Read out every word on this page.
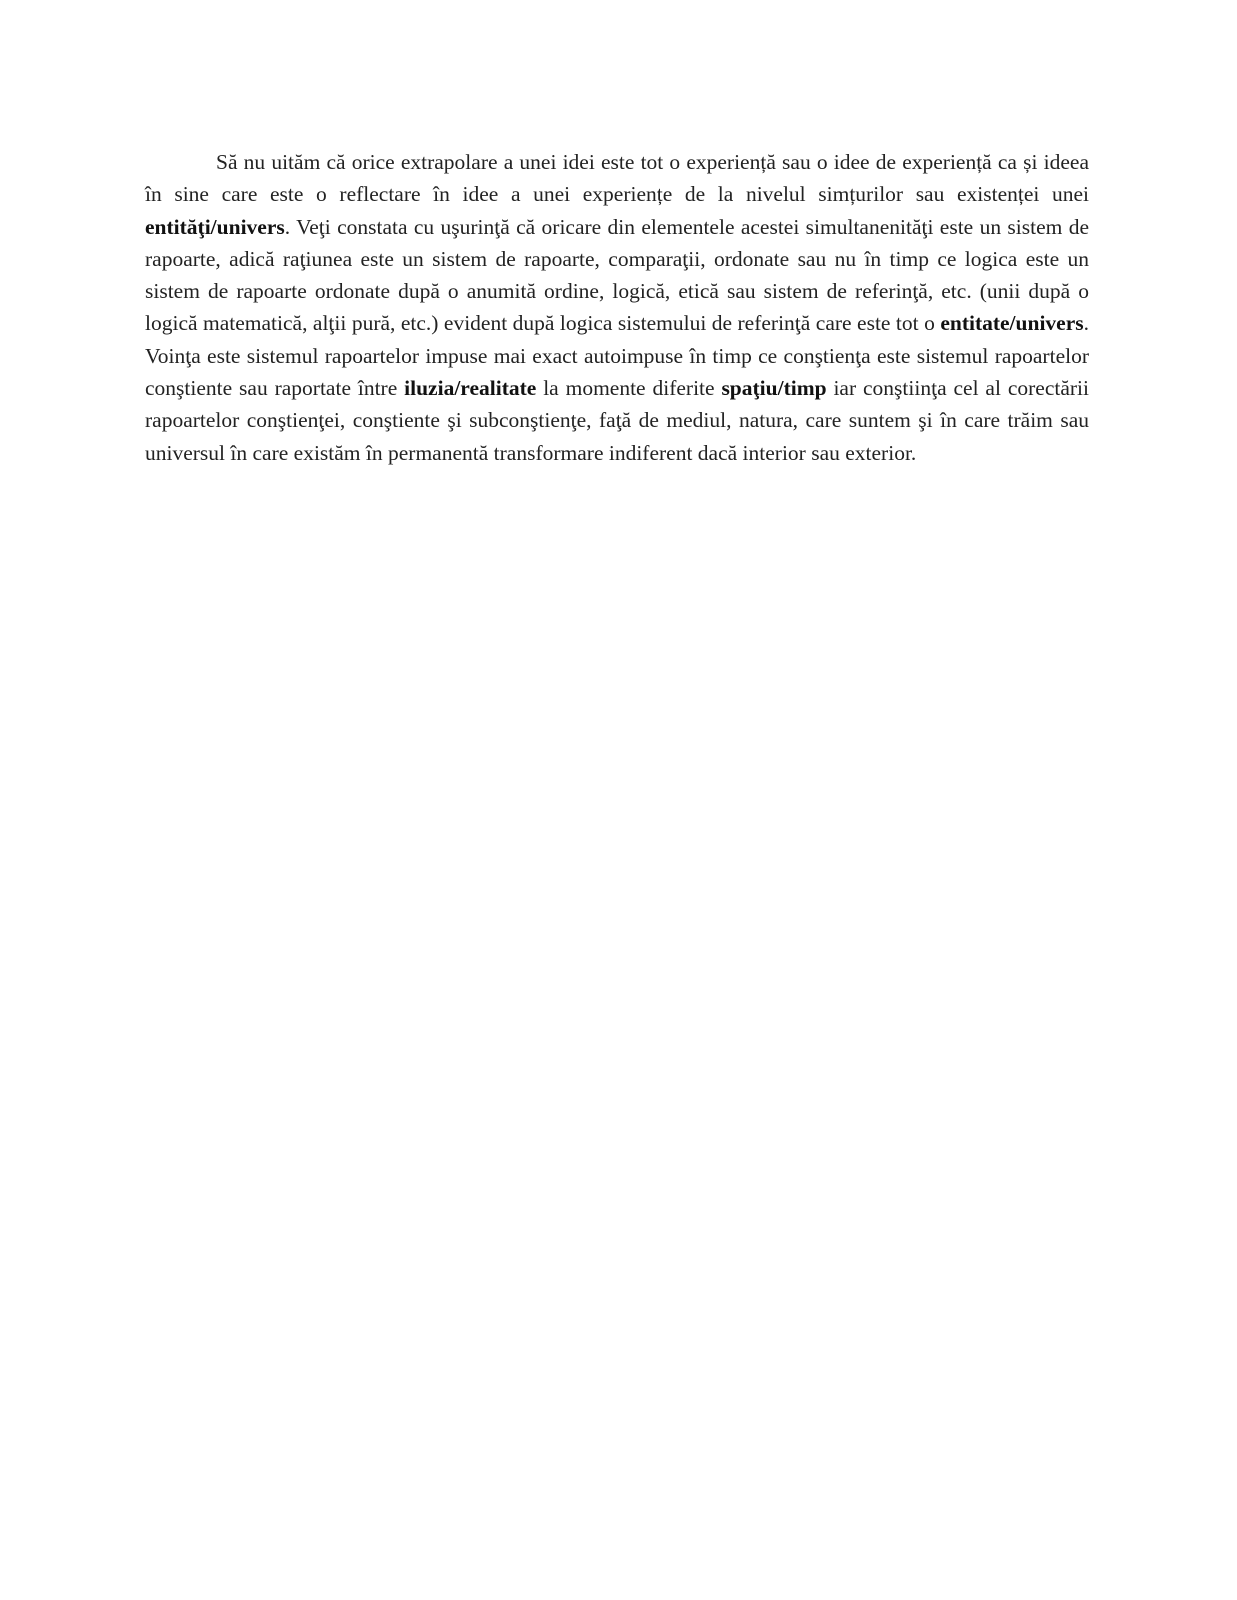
Să nu uităm că orice extrapolare a unei idei este tot o experiență sau o idee de experiență ca și ideea în sine care este o reflectare în idee a unei experiențe de la nivelul simțurilor sau existenței unei entităţi/univers. Veţi constata cu uşurinţă că oricare din elementele acestei simultanenităţi este un sistem de rapoarte, adică raţiunea este un sistem de rapoarte, comparaţii, ordonate sau nu în timp ce logica este un sistem de rapoarte ordonate după o anumită ordine, logică, etică sau sistem de referinţă, etc. (unii după o logică matematică, alţii pură, etc.) evident după logica sistemului de referinţă care este tot o entitate/univers. Voinţa este sistemul rapoartelor impuse mai exact autoimpuse în timp ce conştienţa este sistemul rapoartelor conştiente sau raportate între iluzia/realitate la momente diferite spaţiu/timp iar conştiinţa cel al corectării rapoartelor conştienţei, conştiente şi subconştienţe, faţă de mediul, natura, care suntem şi în care trăim sau universul în care existăm în permanentă transformare indiferent dacă interior sau exterior.
